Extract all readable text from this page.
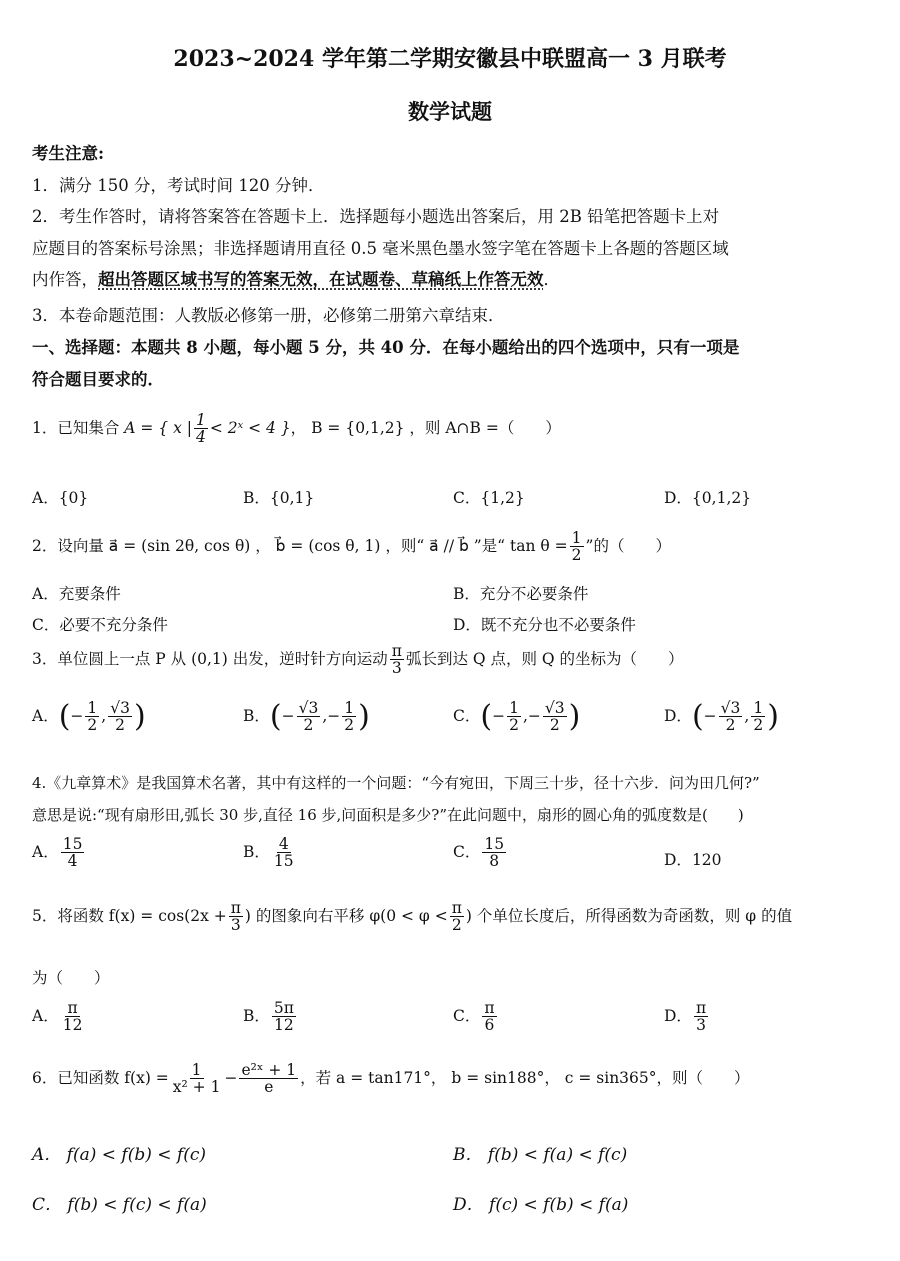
2023~2024 学年第二学期安徽县中联盟高一 3 月联考
数学试题
考生注意:
1．满分 150 分，考试时间 120 分钟．
2．考生作答时，请将答案答在答题卡上．选择题每小题选出答案后，用 2B 铅笔把答题卡上对
应题目的答案标号涂黑；非选择题请用直径 0.5 毫米黑色墨水签字笔在答题卡上各题的答题区域
内作答，超出答题区域书写的答案无效，在试题卷、草稿纸上作答无效．
3．本卷命题范围：人教版必修第一册，必修第二册第六章结束．
一、选择题：本题共 8 小题，每小题 5 分，共 40 分．在每小题给出的四个选项中，只有一项是
符合题目要求的．
1．已知集合 A = { x | $\frac{1}{4}$ < 2ˣ < 4 }， B = {0,1,2} ，则 A∩B =（　　）
A．{0}	B．{0,1}	C．{1,2}	D．{0,1,2}
2．设向量 a⃗ = (sin 2θ, cos θ) ， b⃗ = (cos θ, 1) ，则“ a⃗ // b⃗ ”是“ $\tan \theta = \frac{1}{2}$ ”的（　　）
A．充要条件	B．充分不必要条件
C．必要不充分条件	D．既不充分也不必要条件
3．单位圆上一点 P 从 (0,1) 出发，逆时针方向运动 $\frac{\pi}{3}$ 弧长到达 Q 点，则 Q 的坐标为（　　）
A．(− $\frac{1}{2}$ , $\frac{√3}{2}$ )	B．(− $\frac{√3}{2}$ ,− $\frac{1}{2}$ )	C．(− $\frac{1}{2}$ ,− $\frac{√3}{2}$ )	D．(− $\frac{√3}{2}$ , $\frac{1}{2}$ )
4.《九章算术》是我国算术名著，其中有这样的一个问题：“今有宛田，下周三十步，径十六步．问为田几何?”
意思是说:“现有扇形田,弧长 30 步,直径 16 步,问面积是多少?”在此问题中，扇形的圆心角的弧度数是(　　)
A． $\frac{15}{4}$	B． $\frac{4}{15}$	C． $\frac{15}{8}$	D．120
5．将函数 $f(x) = \cos(2x + \frac{\pi}{3}$ ) 的图象向右平移 $\varphi(0 < \varphi < \frac{\pi}{2}$ ) 个单位长度后，所得函数为奇函数，则 φ 的值
为（　　）
A． $\frac{\pi}{12}$	B． $\frac{5\pi}{12}$	C． $\frac{\pi}{6}$	D． $\frac{\pi}{3}$
6．已知函数 $f(x) = \frac{1}{\text{x² + 1}} - \frac{\text{e²ˣ + 1}}{e}$ ，若 a = tan171°， b = sin188°， c = sin365°，则（　　）
A． f(a) < f(b) < f(c)	B． f(b) < f(a) < f(c)
C． f(b) < f(c) < f(a)	D． f(c) < f(b) < f(a)
